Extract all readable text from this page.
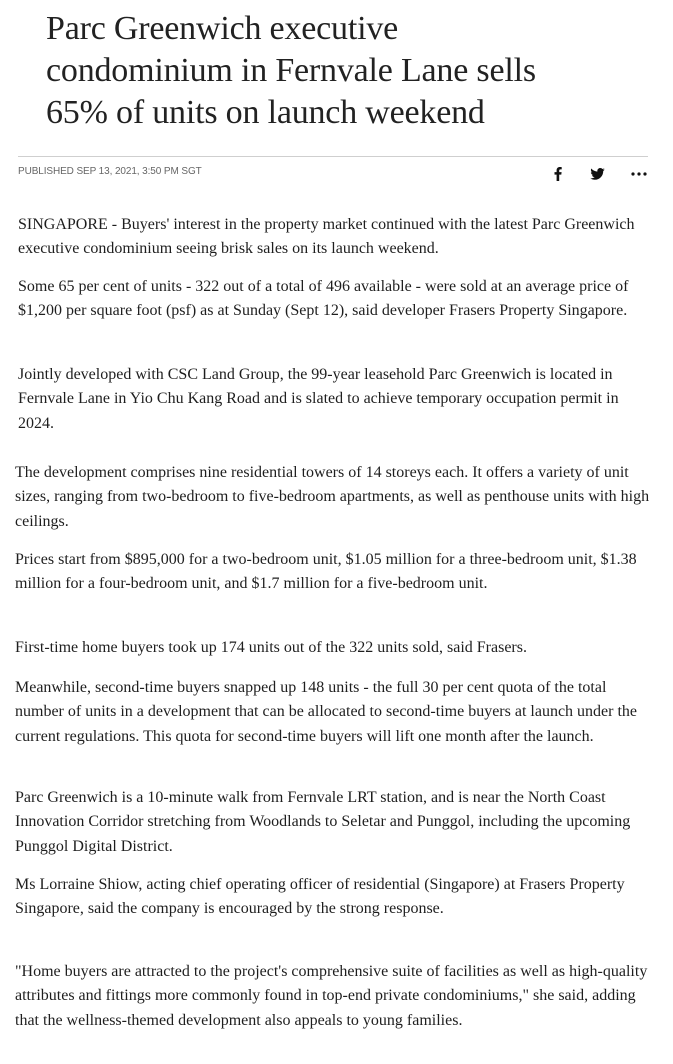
Parc Greenwich executive
condominium in Fernvale Lane sells
65% of units on launch weekend
PUBLISHED SEP 13, 2021, 3:50 PM SGT

SINGAPORE - Buyers' interest in the property market continued with the latest Parc Greenwich executive condominium seeing brisk sales on its launch weekend.

Some 65 per cent of units - 322 out of a total of 496 available - were sold at an average price of $1,200 per square foot (psf) as at Sunday (Sept 12), said developer Frasers Property Singapore.

Jointly developed with CSC Land Group, the 99-year leasehold Parc Greenwich is located in Fernvale Lane in Yio Chu Kang Road and is slated to achieve temporary occupation permit in 2024.

The development comprises nine residential towers of 14 storeys each. It offers a variety of unit sizes, ranging from two-bedroom to five-bedroom apartments, as well as penthouse units with high ceilings.

Prices start from $895,000 for a two-bedroom unit, $1.05 million for a three-bedroom unit, $1.38 million for a four-bedroom unit, and $1.7 million for a five-bedroom unit.

First-time home buyers took up 174 units out of the 322 units sold, said Frasers.

Meanwhile, second-time buyers snapped up 148 units - the full 30 per cent quota of the total number of units in a development that can be allocated to second-time buyers at launch under the current regulations. This quota for second-time buyers will lift one month after the launch.

Parc Greenwich is a 10-minute walk from Fernvale LRT station, and is near the North Coast Innovation Corridor stretching from Woodlands to Seletar and Punggol, including the upcoming Punggol Digital District.

Ms Lorraine Shiow, acting chief operating officer of residential (Singapore) at Frasers Property Singapore, said the company is encouraged by the strong response.

"Home buyers are attracted to the project's comprehensive suite of facilities as well as high-quality attributes and fittings more commonly found in top-end private condominiums," she said, adding that the wellness-themed development also appeals to young families.
